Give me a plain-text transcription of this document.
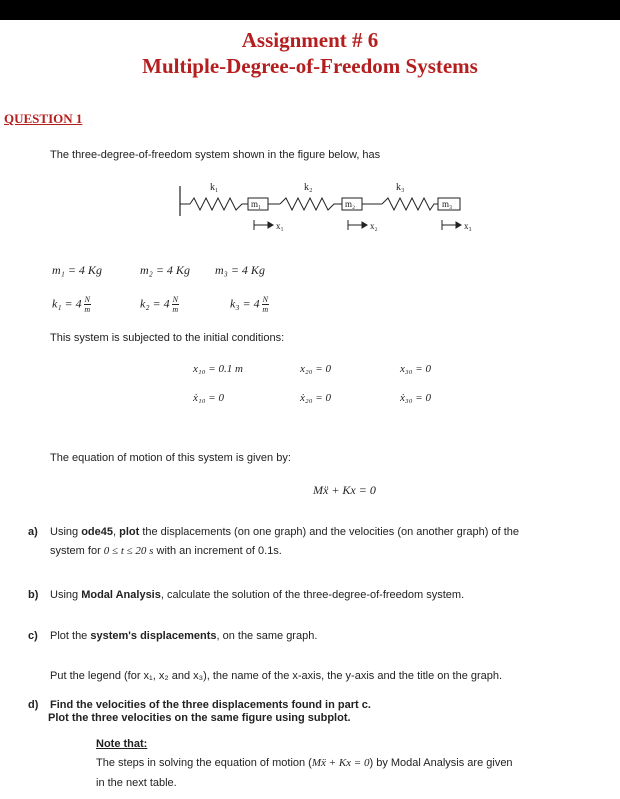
Assignment # 6
Multiple-Degree-of-Freedom Systems
QUESTION 1
The three-degree-of-freedom system shown in the figure below, has
k₁	k₂	k₃
m₁	m₂	m₃
x₁	x₂	x₃
m₁ = 4 Kg	m₂ = 4 Kg m₃ = 4 Kg
$k_1 = 4 \frac{N}{m}$	$k_2 = 4 \frac{N}{m}$	$k_3 = 4 \frac{N}{m}$
This system is subjected to the initial conditions:
x₁₀ = 0.1 m	x₂₀ = 0	x₃₀ = 0
ẋ₁₀ = 0	ẋ₂₀ = 0	ẋ₃₀ = 0
The equation of motion of this system is given by:
Mẍ + Kx = 0
a) Using ode45, plot the displacements (on one graph) and the velocities (on another graph) of the
system for 0 ≤ t ≤ 20 s with an increment of 0.1s.
b) Using Modal Analysis, calculate the solution of the three-degree-of-freedom system.
c) Plot the system's displacements, on the same graph.
Put the legend (for x₁, x₂ and x₃), the name of the x-axis, the y-axis and the title on the graph.
d) Find the velocities of the three displacements found in part c.
Plot the three velocities on the same figure using subplot.
Note that:
The steps in solving the equation of motion (Mẍ + Kx = 0) by Modal Analysis are given
in the next table.
